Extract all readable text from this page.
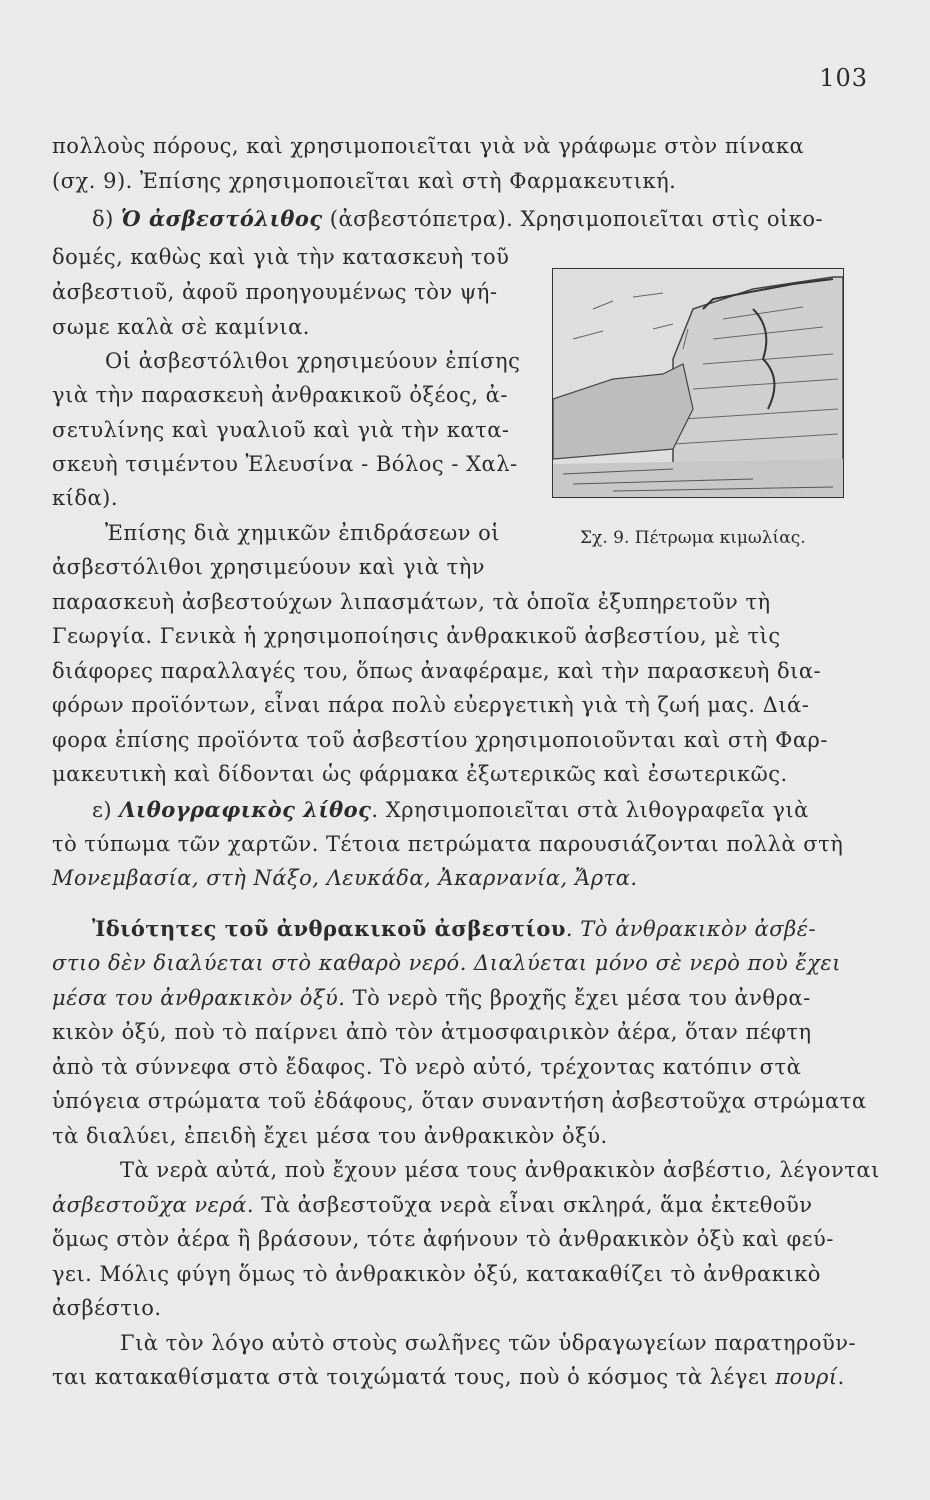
103
πολλοὺς πόρους, καὶ χρησιμοποιεῖται γιὰ νὰ γράφωμε στὸν πίνακα
(σχ. 9). Ἐπίσης χρησιμοποιεῖται καὶ στὴ Φαρμακευτική.
δ) Ὁ ἀσβεστόλιθος (ἀσβεστόπετρα). Χρησιμοποιεῖται στὶς οἰκο-
δομές, καθὼς καὶ γιὰ τὴν κατασκευὴ τοῦ
ἀσβεστιοῦ, ἀφοῦ προηγουμένως τὸν ψή-
σωμε καλὰ σὲ καμίνια.
Οἱ ἀσβεστόλιθοι χρησιμεύουν ἐπίσης
γιὰ τὴν παρασκευὴ ἀνθρακικοῦ ὀξέος, ἀ-
σετυλίνης καὶ γυαλιοῦ καὶ γιὰ τὴν κατα-
σκευὴ τσιμέντου Ἐλευσίνα - Βόλος - Χαλ-
κίδα).
Ἐπίσης διὰ χημικῶν ἐπιδράσεων οἱ
ἀσβεστόλιθοι χρησιμεύουν καὶ γιὰ τὴν
Σχ. 9. Πέτρωμα κιμωλίας.
παρασκευὴ ἀσβεστούχων λιπασμάτων, τὰ ὁποῖα ἐξυπηρετοῦν τὴ
Γεωργία. Γενικὰ ἡ χρησιμοποίησις ἀνθρακικοῦ ἀσβεστίου, μὲ τὶς
διάφορες παραλλαγές του, ὅπως ἀναφέραμε, καὶ τὴν παρασκευὴ δια-
φόρων προϊόντων, εἶναι πάρα πολὺ εὐεργετικὴ γιὰ τὴ ζωή μας. Διά-
φορα ἐπίσης προϊόντα τοῦ ἀσβεστίου χρησιμοποιοῦνται καὶ στὴ Φαρ-
μακευτικὴ καὶ δίδονται ὡς φάρμακα ἐξωτερικῶς καὶ ἐσωτερικῶς.
ε) Λιθογραφικὸς λίθος. Χρησιμοποιεῖται στὰ λιθογραφεῖα γιὰ
τὸ τύπωμα τῶν χαρτῶν. Τέτοια πετρώματα παρουσιάζονται πολλὰ στὴ
Μονεμβασία, στὴ Νάξο, Λευκάδα, Ἀκαρνανία, Ἄρτα.
Ἰδιότητες τοῦ ἀνθρακικοῦ ἀσβεστίου. Τὸ ἀνθρακικὸν ἀσβέ-
στιο δὲν διαλύεται στὸ καθαρὸ νερό. Διαλύεται μόνο σὲ νερὸ ποὺ ἔχει
μέσα του ἀνθρακικὸν ὀξύ. Τὸ νερὸ τῆς βροχῆς ἔχει μέσα του ἀνθρα-
κικὸν ὀξύ, ποὺ τὸ παίρνει ἀπὸ τὸν ἀτμοσφαιρικὸν ἀέρα, ὅταν πέφτη
ἀπὸ τὰ σύννεφα στὸ ἔδαφος. Τὸ νερὸ αὐτό, τρέχοντας κατόπιν στὰ
ὑπόγεια στρώματα τοῦ ἐδάφους, ὅταν συναντήση ἀσβεστοῦχα στρώματα
τὰ διαλύει, ἐπειδὴ ἔχει μέσα του ἀνθρακικὸν ὀξύ.
Τὰ νερὰ αὐτά, ποὺ ἔχουν μέσα τους ἀνθρακικὸν ἀσβέστιο, λέγονται
ἀσβεστοῦχα νερά. Τὰ ἀσβεστοῦχα νερὰ εἶναι σκληρά, ἅμα ἐκτεθοῦν
ὅμως στὸν ἀέρα ἢ βράσουν, τότε ἀφήνουν τὸ ἀνθρακικὸν ὀξὺ καὶ φεύ-
γει. Μόλις φύγη ὅμως τὸ ἀνθρακικὸν ὀξύ, κατακαθίζει τὸ ἀνθρακικὸ
ἀσβέστιο.
Γιὰ τὸν λόγο αὐτὸ στοὺς σωλῆνες τῶν ὑδραγωγείων παρατηροῦν-
ται κατακαθίσματα στὰ τοιχώματά τους, ποὺ ὁ κόσμος τὰ λέγει πουρί.
